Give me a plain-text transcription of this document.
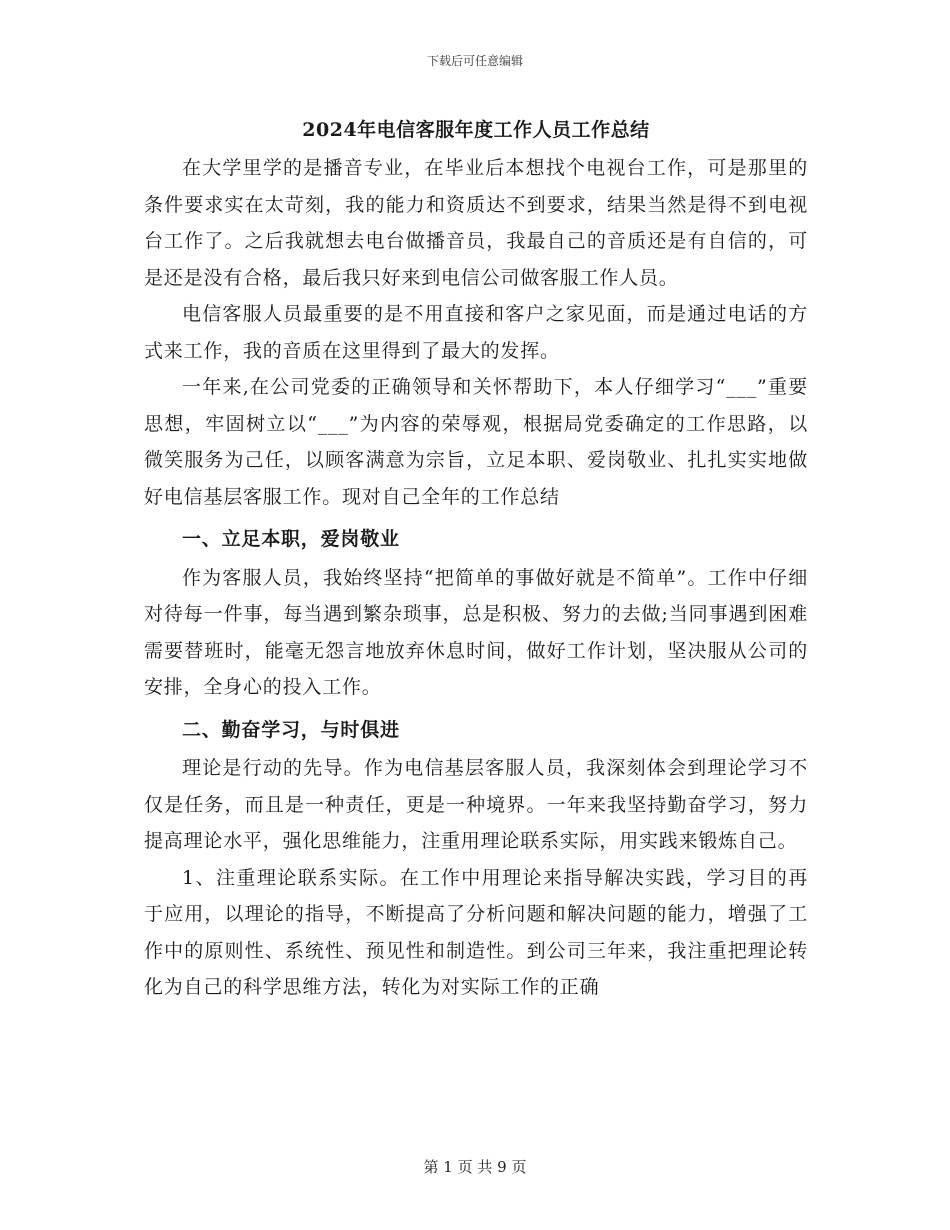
下载后可任意编辑
2024年电信客服年度工作人员工作总结

在大学里学的是播音专业，在毕业后本想找个电视台工作，可是那里的条件要求实在太苛刻，我的能力和资质达不到要求，结果当然是得不到电视台工作了。之后我就想去电台做播音员，我最自己的音质还是有自信的，可是还是没有合格，最后我只好来到电信公司做客服工作人员。

电信客服人员最重要的是不用直接和客户之家见面，而是通过电话的方式来工作，我的音质在这里得到了最大的发挥。

一年来,在公司党委的正确领导和关怀帮助下，本人仔细学习“___”重要思想，牢固树立以“___”为内容的荣辱观，根据局党委确定的工作思路，以微笑服务为己任，以顾客满意为宗旨，立足本职、爱岗敬业、扎扎实实地做好电信基层客服工作。现对自己全年的工作总结

一、立足本职，爱岗敬业

作为客服人员，我始终坚持“把简单的事做好就是不简单”。工作中仔细对待每一件事，每当遇到繁杂琐事，总是积极、努力的去做;当同事遇到困难需要替班时，能毫无怨言地放弃休息时间，做好工作计划，坚决服从公司的安排，全身心的投入工作。

二、勤奋学习，与时俱进

理论是行动的先导。作为电信基层客服人员，我深刻体会到理论学习不仅是任务，而且是一种责任，更是一种境界。一年来我坚持勤奋学习，努力提高理论水平，强化思维能力，注重用理论联系实际，用实践来锻炼自己。

1、注重理论联系实际。在工作中用理论来指导解决实践，学习目的再于应用，以理论的指导，不断提高了分析问题和解决问题的能力，增强了工作中的原则性、系统性、预见性和制造性。到公司三年来，我注重把理论转化为自己的科学思维方法，转化为对实际工作的正确

第 1 页 共 9 页
